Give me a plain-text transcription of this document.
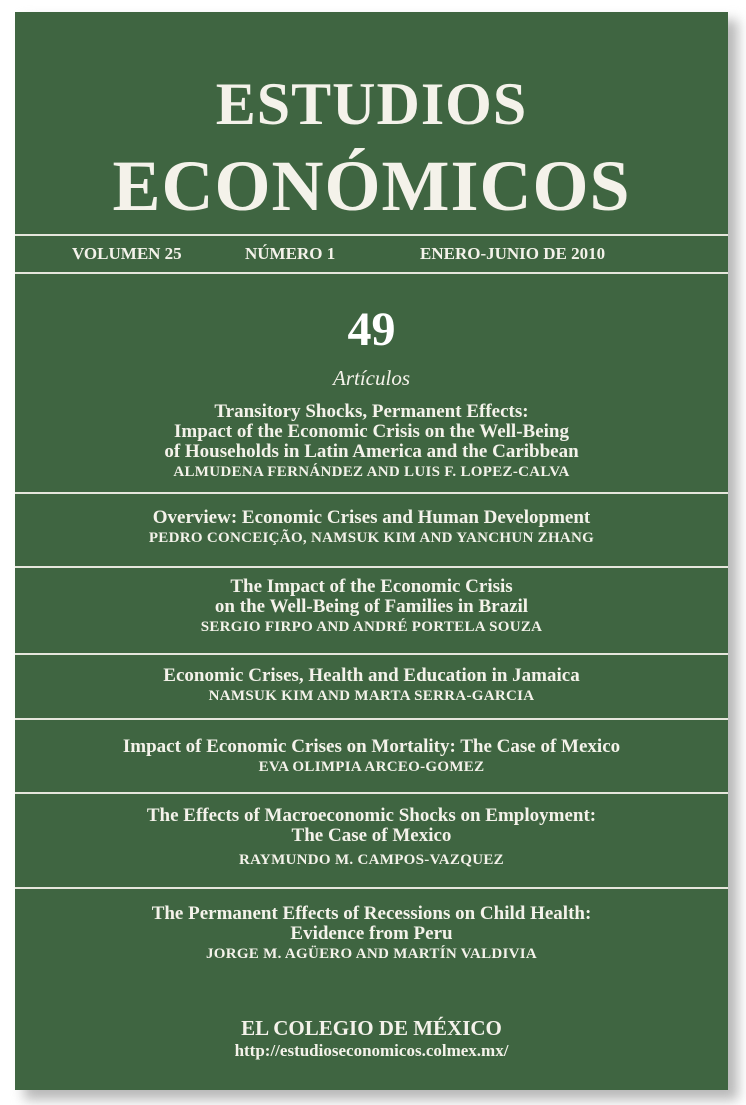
ESTUDIOS
ECONÓMICOS
VOLUMEN 25	NÚMERO 1	ENERO-JUNIO DE 2010
49
Artículos
Transitory Shocks, Permanent Effects:
Impact of the Economic Crisis on the Well-Being
of Households in Latin America and the Caribbean
ALMUDENA FERNÁNDEZ AND LUIS F. LOPEZ-CALVA
Overview: Economic Crises and Human Development
PEDRO CONCEIÇÃO, NAMSUK KIM AND YANCHUN ZHANG
The Impact of the Economic Crisis
on the Well-Being of Families in Brazil
SERGIO FIRPO AND ANDRÉ PORTELA SOUZA
Economic Crises, Health and Education in Jamaica
NAMSUK KIM AND MARTA SERRA-GARCIA
Impact of Economic Crises on Mortality: The Case of Mexico
EVA OLIMPIA ARCEO-GOMEZ
The Effects of Macroeconomic Shocks on Employment:
The Case of Mexico
RAYMUNDO M. CAMPOS-VAZQUEZ
The Permanent Effects of Recessions on Child Health:
Evidence from Peru
JORGE M. AGÜERO AND MARTÍN VALDIVIA
EL COLEGIO DE MÉXICO
http://estudioseconomicos.colmex.mx/
